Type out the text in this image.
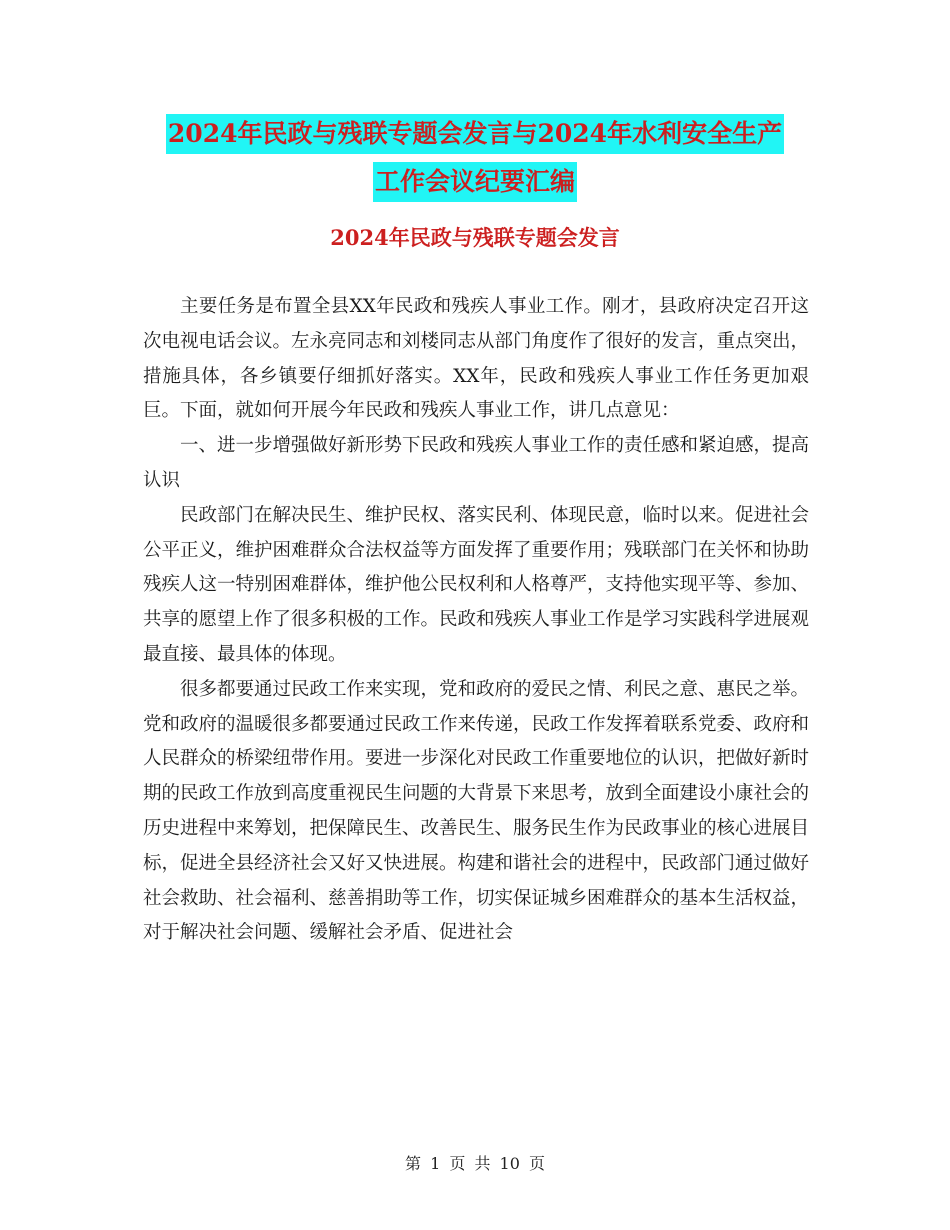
2024年民政与残联专题会发言与2024年水利安全生产
工作会议纪要汇编
2024年民政与残联专题会发言

主要任务是布置全县XX年民政和残疾人事业工作。刚才，县政府决定召开这次电视电话会议。左永亮同志和刘楼同志从部门角度作了很好的发言，重点突出，措施具体，各乡镇要仔细抓好落实。XX年，民政和残疾人事业工作任务更加艰巨。下面，就如何开展今年民政和残疾人事业工作，讲几点意见：

一、进一步增强做好新形势下民政和残疾人事业工作的责任感和紧迫感，提高认识

民政部门在解决民生、维护民权、落实民利、体现民意，临时以来。促进社会公平正义，维护困难群众合法权益等方面发挥了重要作用；残联部门在关怀和协助残疾人这一特别困难群体，维护他公民权利和人格尊严，支持他实现平等、参加、共享的愿望上作了很多积极的工作。民政和残疾人事业工作是学习实践科学进展观最直接、最具体的体现。

很多都要通过民政工作来实现，党和政府的爱民之情、利民之意、惠民之举。党和政府的温暖很多都要通过民政工作来传递，民政工作发挥着联系党委、政府和人民群众的桥梁纽带作用。要进一步深化对民政工作重要地位的认识，把做好新时期的民政工作放到高度重视民生问题的大背景下来思考，放到全面建设小康社会的历史进程中来筹划，把保障民生、改善民生、服务民生作为民政事业的核心进展目标，促进全县经济社会又好又快进展。构建和谐社会的进程中，民政部门通过做好社会救助、社会福利、慈善捐助等工作，切实保证城乡困难群众的基本生活权益，对于解决社会问题、缓解社会矛盾、促进社会

第 1 页 共 10 页
